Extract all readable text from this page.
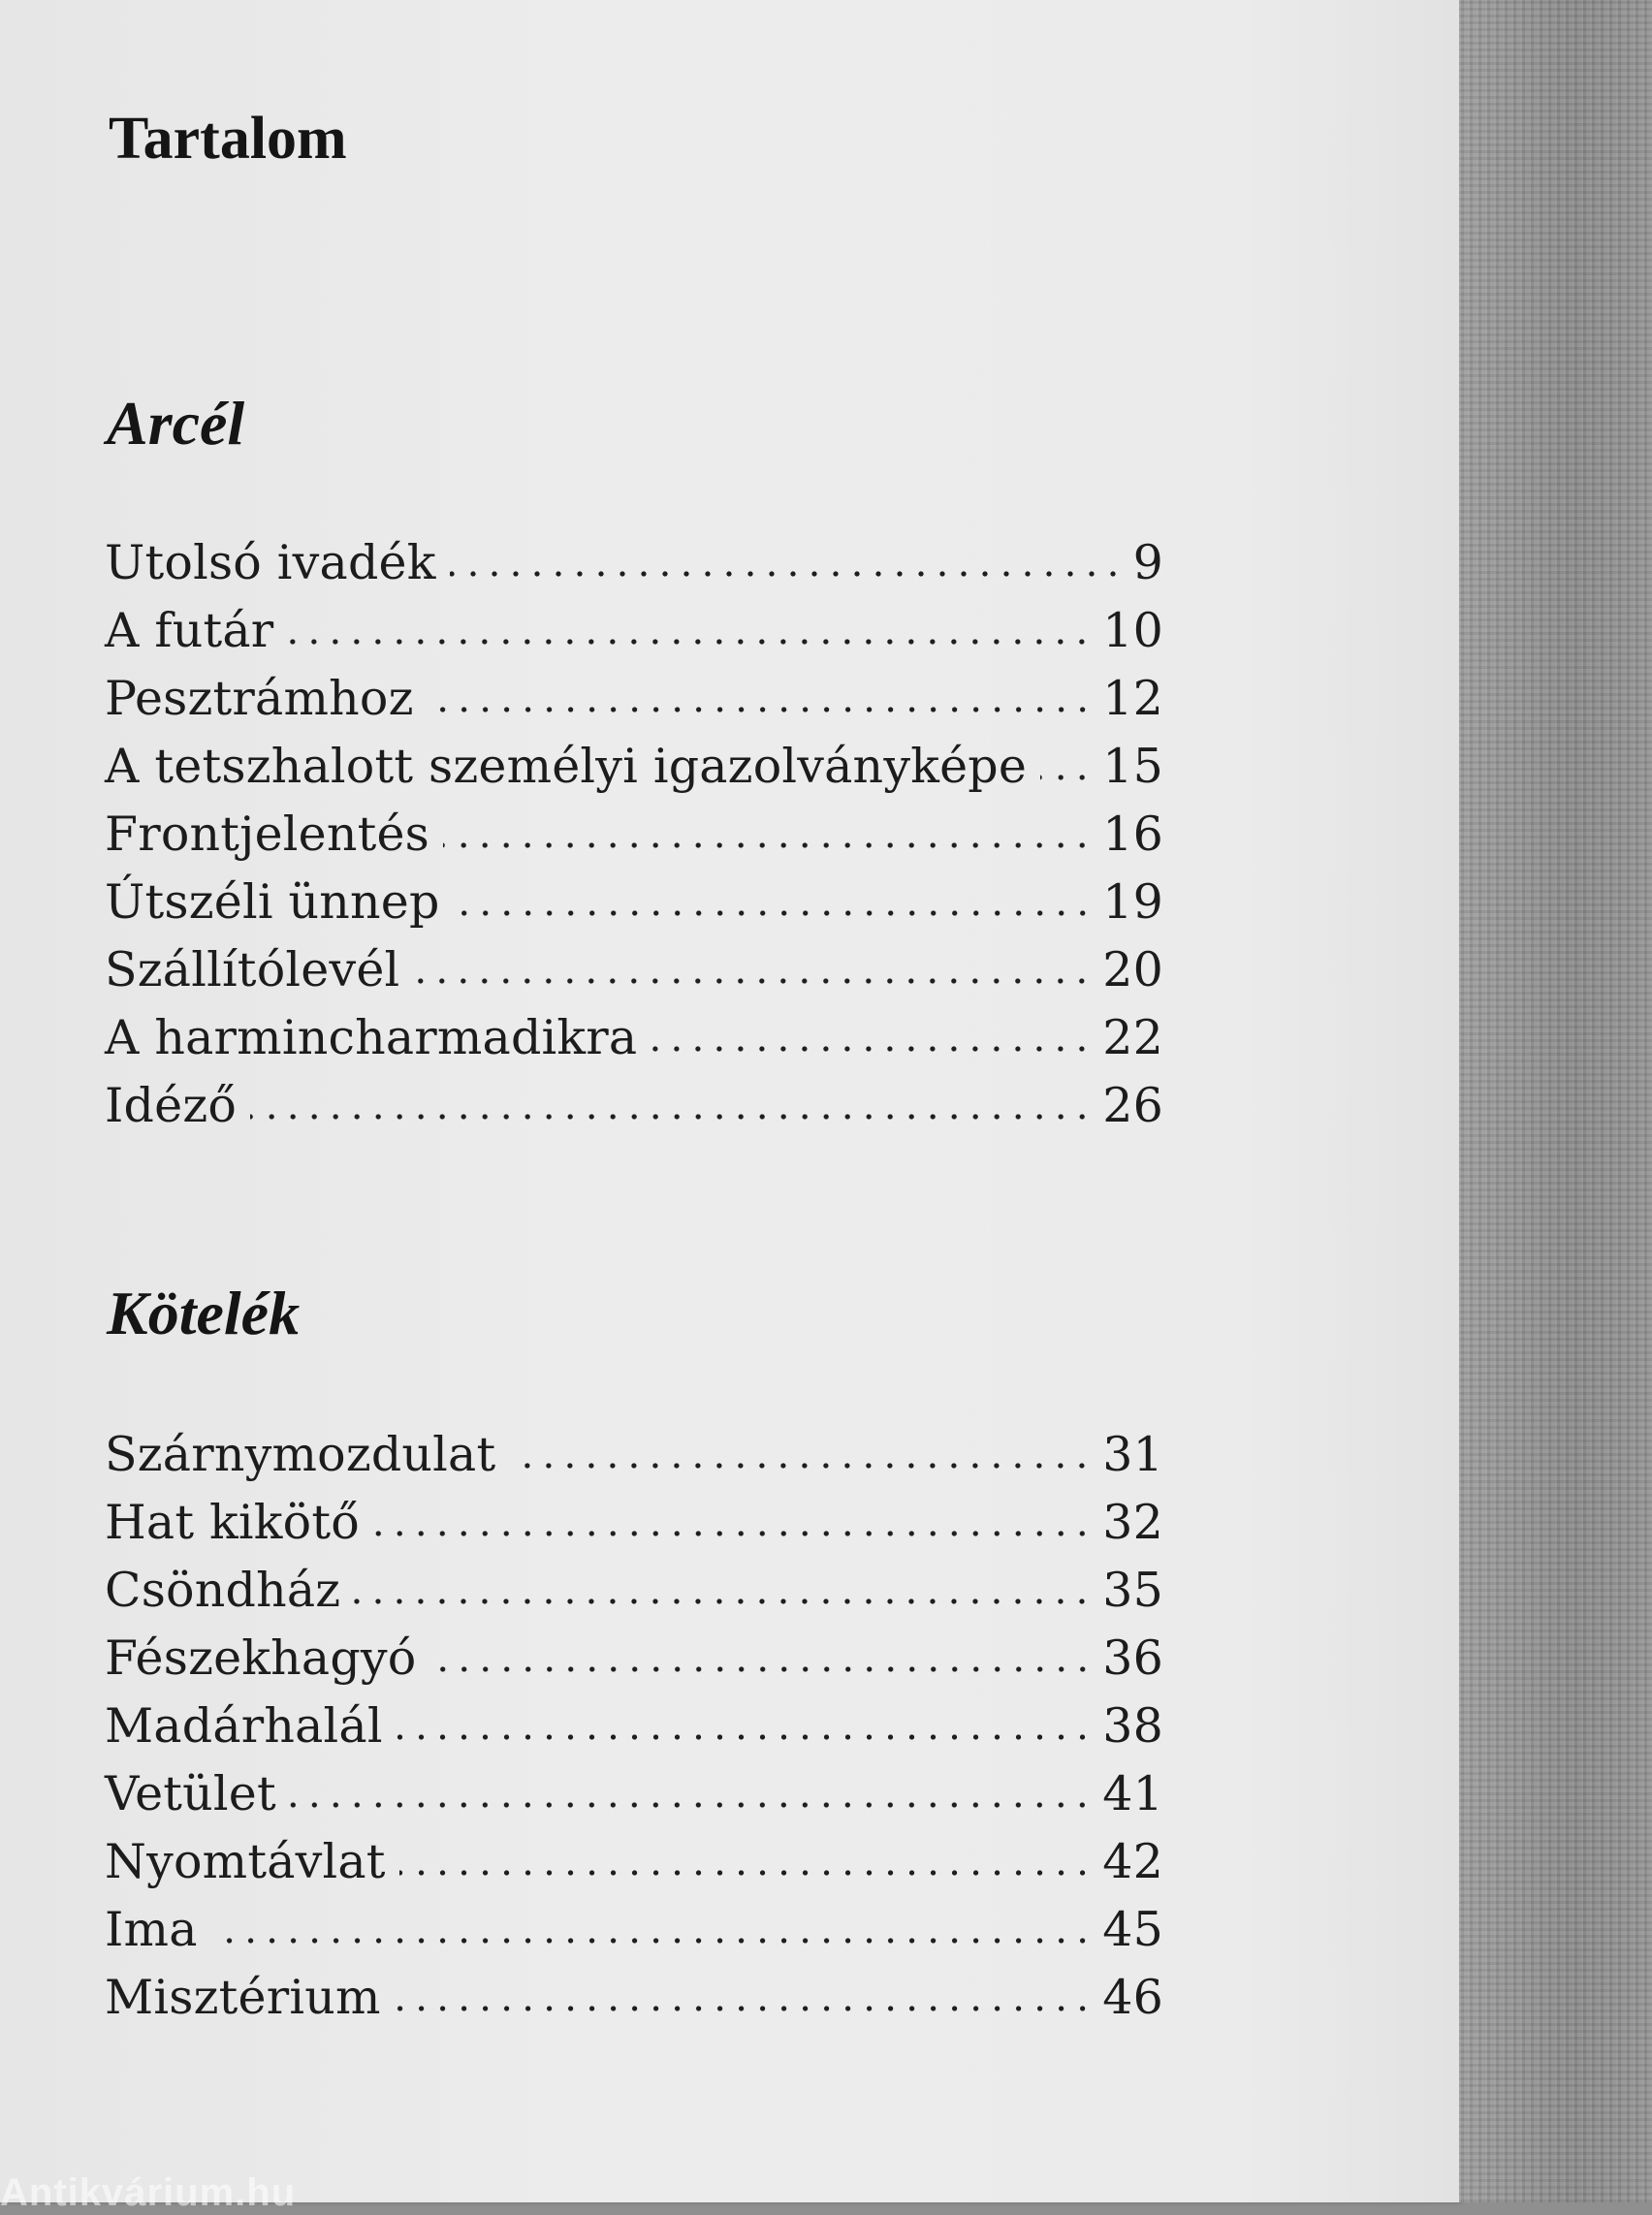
Tartalom
Arcél
Utolsó ivadék	9
A futár	10
Pesztrámhoz	12
A tetszhalott személyi igazolványképe 15
Frontjelentés	16
Útszéli ünnep	19
Szállítólevél	20
A harmincharmadikra	22
Idéző	26
Kötelék
Szárnymozdulat	31
Hat kikötő	32
Csöndház	35
Fészekhagyó	36
Madárhalál	38
Vetület	41
Nyomtávlat	42
Ima	45
Misztérium	46
Antikvárium.hu
